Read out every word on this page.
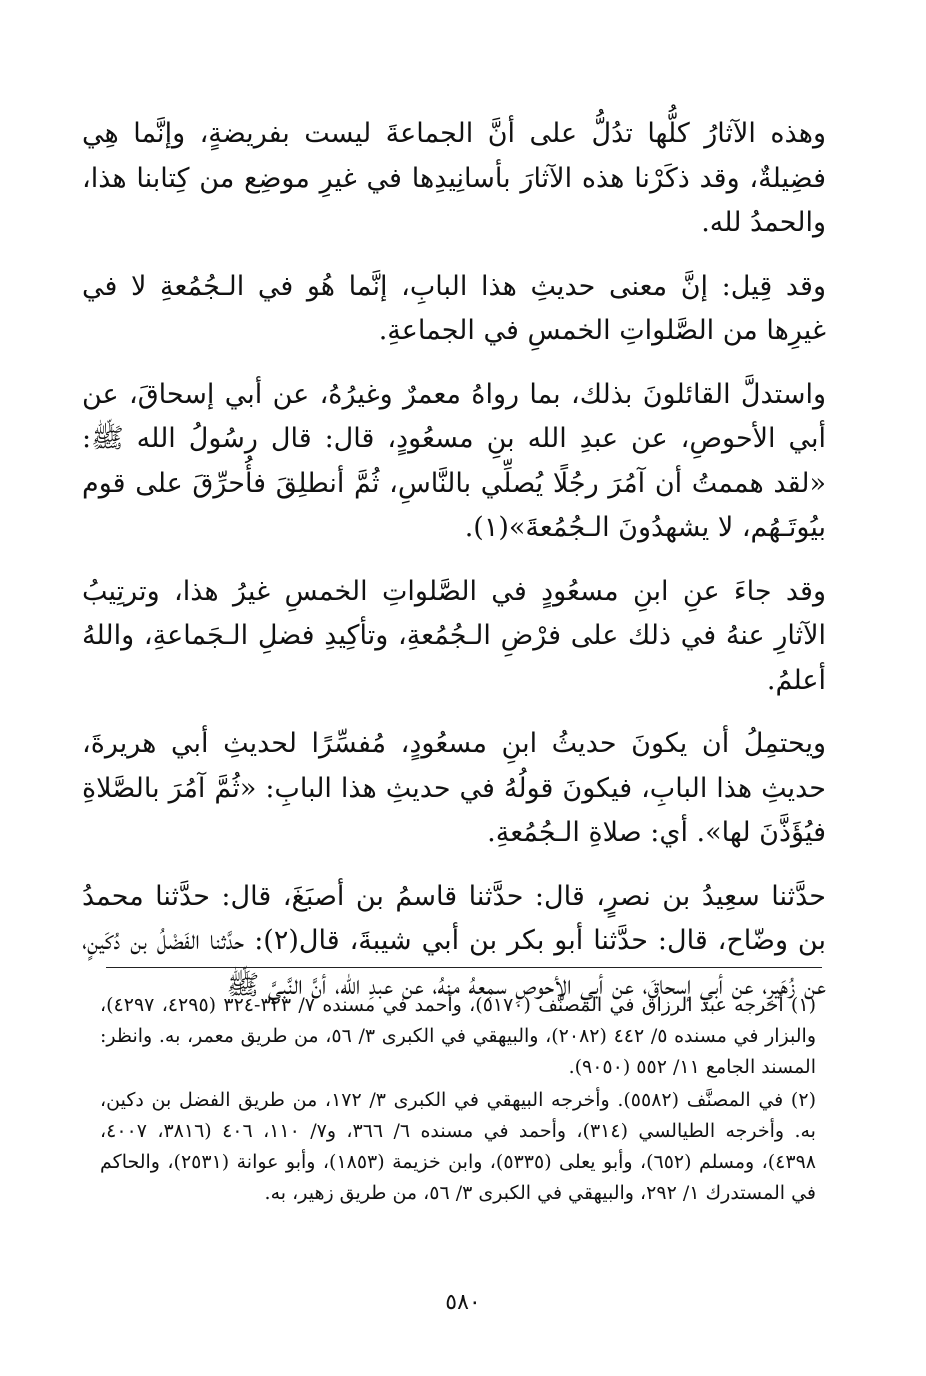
وهذه الآثارُ كلُّها تدُلُّ على أنَّ الجماعةَ ليست بفريضةٍ، وإنَّما هِي فضِيلةٌ، وقد ذكَرْنا هذه الآثارَ بأسانِيدِها في غيرِ موضِع من كِتابنا هذا، والحمدُ لله.

وقد قِيل: إنَّ معنى حديثِ هذا البابِ، إنَّما هُو في الـجُمُعةِ لا في غيرِها من الصَّلواتِ الخمسِ في الجماعةِ.

واستدلَّ القائلونَ بذلك، بما رواهُ معمرٌ وغيرُهُ، عن أبي إسحاقَ، عن أبي الأحوصِ، عن عبدِ الله بنِ مسعُودٍ، قال: قال رسُولُ الله ﷺ: «لقد هممتُ أن آمُرَ رجُلًا يُصلِّي بالنَّاسِ، ثُمَّ أنطلِقَ فأُحرِّقَ على قوم بيُوتَـهُم، لا يشهدُونَ الـجُمُعةَ»(١).

وقد جاءَ عنِ ابنِ مسعُودٍ في الصَّلواتِ الخمسِ غيرُ هذا، وترتِيبُ الآثارِ عنهُ في ذلك على فرْضِ الـجُمُعةِ، وتأكِيدِ فضلِ الـجَماعةِ، واللهُ أعلمُ.

ويحتمِلُ أن يكونَ حديثُ ابنِ مسعُودٍ، مُفسِّرًا لحديثِ أبي هريرةَ، حديثِ هذا البابِ، فيكونَ قولُهُ في حديثِ هذا البابِ: «ثُمَّ آمُرَ بالصَّلاةِ فيُؤَذَّنَ لها». أي: صلاةِ الـجُمُعةِ.

حدَّثنا سعِيدُ بن نصرٍ، قال: حدَّثنا قاسمُ بن أصبَغَ، قال: حدَّثنا محمدُ بن وضّاح، قال: حدَّثنا أبو بكر بن أبي شيبةَ، قال(٢): حدَّثنا الفَضْلُ بن دُكَينٍ، عن زُهَيرٍ، عن أبي إسحاقَ، عن أبي الأحوصِ سمِعهُ منهُ، عن عبدِ الله، أنَّ النَّبيَّ ﷺ

(١) أخرجه عبد الرزاق في المصنَّف (٥١٧٠)، وأحمد في مسنده ٧/ ٣٢٣-٣٢٤ (٤٢٩٥، ٤٢٩٧)، والبزار في مسنده ٥/ ٤٤٢ (٢٠٨٢)، والبيهقي في الكبرى ٣/ ٥٦، من طريق معمر، به. وانظر: المسند الجامع ١١/ ٥٥٢ (٩٠٥٠).

(٢) في المصنَّف (٥٥٨٢). وأخرجه البيهقي في الكبرى ٣/ ١٧٢، من طريق الفضل بن دكين، به. وأخرجه الطيالسي (٣١٤)، وأحمد في مسنده ٦/ ٣٦٦، و٧/ ١١٠، ٤٠٦ (٣٨١٦، ٤٠٠٧، ٤٣٩٨)، ومسلم (٦٥٢)، وأبو يعلى (٥٣٣٥)، وابن خزيمة (١٨٥٣)، وأبو عوانة (٢٥٣١)، والحاكم في المستدرك ١/ ٢٩٢، والبيهقي في الكبرى ٣/ ٥٦، من طريق زهير، به.

٥٨٠
